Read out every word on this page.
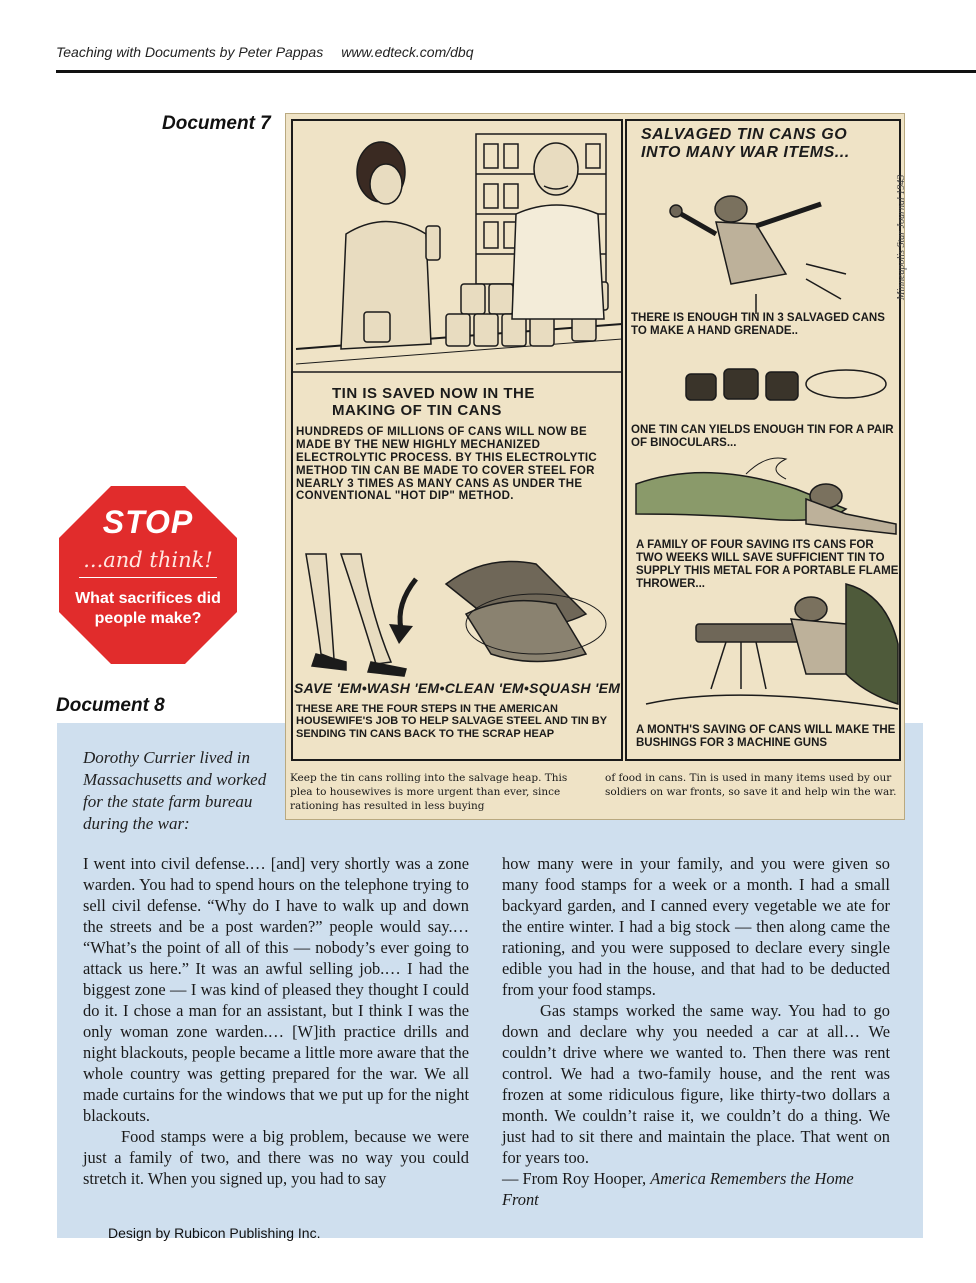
Teaching with Documents by Peter Pappas www.edteck.com/dbq
Document 7
SALVAGED TIN CANS GO INTO MANY WAR ITEMS...
TIN IS SAVED NOW IN THE MAKING OF TIN CANS
HUNDREDS OF MILLIONS OF CANS WILL NOW BE MADE BY THE NEW HIGHLY MECHANIZED ELECTROLYTIC PROCESS. BY THIS ELECTROLYTIC METHOD TIN CAN BE MADE TO COVER STEEL FOR NEARLY 3 TIMES AS MANY CANS AS UNDER THE CONVENTIONAL "HOT DIP" METHOD.
THERE IS ENOUGH TIN IN 3 SALVAGED CANS TO MAKE A HAND GRENADE..
ONE TIN CAN YIELDS ENOUGH TIN FOR A PAIR OF BINOCULARS...
A FAMILY OF FOUR SAVING ITS CANS FOR TWO WEEKS WILL SAVE SUFFICIENT TIN TO SUPPLY THIS METAL FOR A PORTABLE FLAME THROWER...
SAVE 'EM•WASH 'EM•CLEAN 'EM•SQUASH 'EM
THESE ARE THE FOUR STEPS IN THE AMERICAN HOUSEWIFE'S JOB TO HELP SALVAGE STEEL AND TIN BY SENDING TIN CANS BACK TO THE SCRAP HEAP	A MONTH'S SAVING OF CANS WILL MAKE THE BUSHINGS FOR 3 MACHINE GUNS
Keep the tin cans rolling into the salvage heap. This plea to housewives is more urgent than ever, since rationing has resulted in less buying
of food in cans. Tin is used in many items used by our soldiers on war fronts, so save it and help win the war.
Minneapolis Star Journal 1943
STOP
...and think!
What sacrifices did people make?
Document 8
Dorothy Currier lived in Massachusetts and worked for the state farm bureau during the war:

I went into civil defense.… [and] very shortly was a zone warden. You had to spend hours on the telephone trying to sell civil defense. “Why do I have to walk up and down the streets and be a post warden?” people would say.… “What’s the point of all of this — nobody’s ever going to attack us here.” It was an awful selling job.… I had the biggest zone — I was kind of pleased they thought I could do it. I chose a man for an assistant, but I think I was the only woman zone warden.… [W]ith practice drills and night blackouts, people became a little more aware that the whole country was getting prepared for the war. We all made curtains for the windows that we put up for the night blackouts.

Food stamps were a big problem, because we were just a family of two, and there was no way you could stretch it. When you signed up, you had to say

how many were in your family, and you were given so many food stamps for a week or a month. I had a small backyard garden, and I canned every vegetable we ate for the entire winter. I had a big stock — then along came the rationing, and you were supposed to declare every single edible you had in the house, and that had to be deducted from your food stamps.

Gas stamps worked the same way. You had to go down and declare why you needed a car at all… We couldn’t drive where we wanted to. Then there was rent control. We had a two-family house, and the rent was frozen at some ridiculous figure, like thirty-two dollars a month. We couldn’t raise it, we couldn’t do a thing. We just had to sit there and maintain the place. That went on for years too.

— From Roy Hooper, America Remembers the Home Front

Design by Rubicon Publishing Inc.
